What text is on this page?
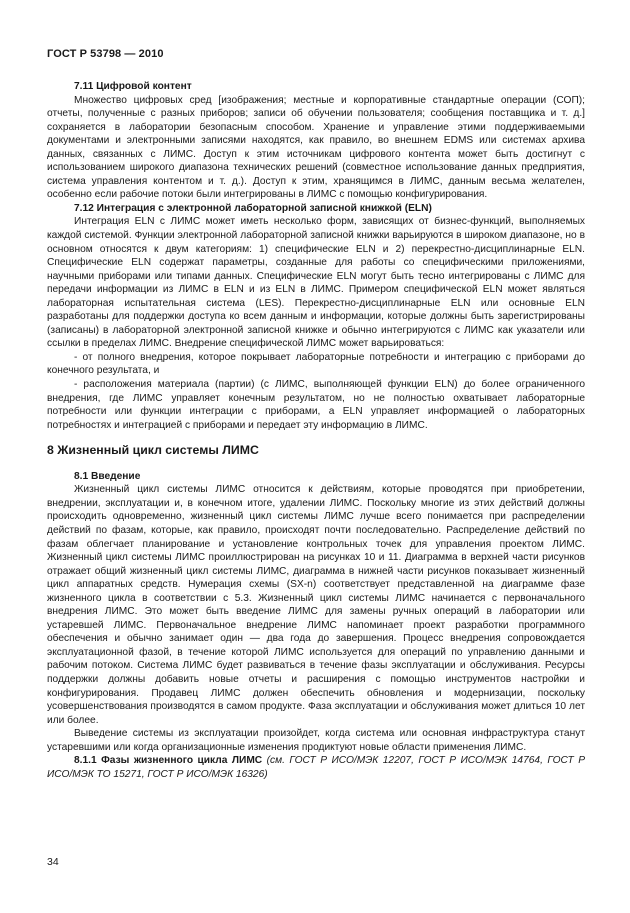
ГОСТ Р 53798 — 2010

7.11 Цифровой контент

Множество цифровых сред [изображения; местные и корпоративные стандартные операции (СОП); отчеты, полученные с разных приборов; записи об обучении пользователя; сообщения поставщика и т. д.] сохраняется в лаборатории безопасным способом. Хранение и управление этими поддерживаемыми документами и электронными записями находятся, как правило, во внешнем EDMS или системах архива данных, связанных с ЛИМС. Доступ к этим источникам цифрового контента может быть достигнут с использованием широкого диапазона технических решений (совместное использование данных предприятия, система управления контентом и т. д.). Доступ к этим, хранящимся в ЛИМС, данным весьма желателен, особенно если рабочие потоки были интегрированы в ЛИМС с помощью конфигурирования.

7.12 Интеграция с электронной лабораторной записной книжкой (ELN)

Интеграция ELN с ЛИМС может иметь несколько форм, зависящих от бизнес-функций, выполняемых каждой системой. Функции электронной лабораторной записной книжки варьируются в широком диапазоне, но в основном относятся к двум категориям: 1) специфические ELN и 2) перекрестно-дисциплинарные ELN. Специфические ELN содержат параметры, созданные для работы со специфическими приложениями, научными приборами или типами данных. Специфические ELN могут быть тесно интегрированы с ЛИМС для передачи информации из ЛИМС в ELN и из ELN в ЛИМС. Примером специфической ELN может являться лабораторная испытательная система (LES). Перекрестно-дисциплинарные ELN или основные ELN разработаны для поддержки доступа ко всем данным и информации, которые должны быть зарегистрированы (записаны) в лабораторной электронной записной книжке и обычно интегрируются с ЛИМС как указатели или ссылки в пределах ЛИМС. Внедрение специфической ЛИМС может варьироваться:

- от полного внедрения, которое покрывает лабораторные потребности и интеграцию с приборами до конечного результата, и

- расположения материала (партии) (с ЛИМС, выполняющей функции ELN) до более ограниченного внедрения, где ЛИМС управляет конечным результатом, но не полностью охватывает лабораторные потребности или функции интеграции с приборами, а ELN управляет информацией о лабораторных потребностях и интеграцией с приборами и передает эту информацию в ЛИМС.

8 Жизненный цикл системы ЛИМС

8.1 Введение

Жизненный цикл системы ЛИМС относится к действиям, которые проводятся при приобретении, внедрении, эксплуатации и, в конечном итоге, удалении ЛИМС. Поскольку многие из этих действий должны происходить одновременно, жизненный цикл системы ЛИМС лучше всего понимается при распределении действий по фазам, которые, как правило, происходят почти последовательно. Распределение действий по фазам облегчает планирование и установление контрольных точек для управления проектом ЛИМС. Жизненный цикл системы ЛИМС проиллюстрирован на рисунках 10 и 11. Диаграмма в верхней части рисунков отражает общий жизненный цикл системы ЛИМС, диаграмма в нижней части рисунков показывает жизненный цикл аппаратных средств. Нумерация схемы (SX-n) соответствует представленной на диаграмме фазе жизненного цикла в соответствии с 5.3. Жизненный цикл системы ЛИМС начинается с первоначального внедрения ЛИМС. Это может быть введение ЛИМС для замены ручных операций в лаборатории или устаревшей ЛИМС. Первоначальное внедрение ЛИМС напоминает проект разработки программного обеспечения и обычно занимает один — два года до завершения. Процесс внедрения сопровождается эксплуатационной фазой, в течение которой ЛИМС используется для операций по управлению данными и рабочим потоком. Система ЛИМС будет развиваться в течение фазы эксплуатации и обслуживания. Ресурсы поддержки должны добавить новые отчеты и расширения с помощью инструментов настройки и конфигурирования. Продавец ЛИМС должен обеспечить обновления и модернизации, поскольку усовершенствования производятся в самом продукте. Фаза эксплуатации и обслуживания может длиться 10 лет или более.

Выведение системы из эксплуатации произойдет, когда система или основная инфраструктура станут устаревшими или когда организационные изменения продиктуют новые области применения ЛИМС.

8.1.1 Фазы жизненного цикла ЛИМС (см. ГОСТ Р ИСО/МЭК 12207, ГОСТ Р ИСО/МЭК 14764, ГОСТ Р ИСО/МЭК ТО 15271, ГОСТ Р ИСО/МЭК 16326)

34
